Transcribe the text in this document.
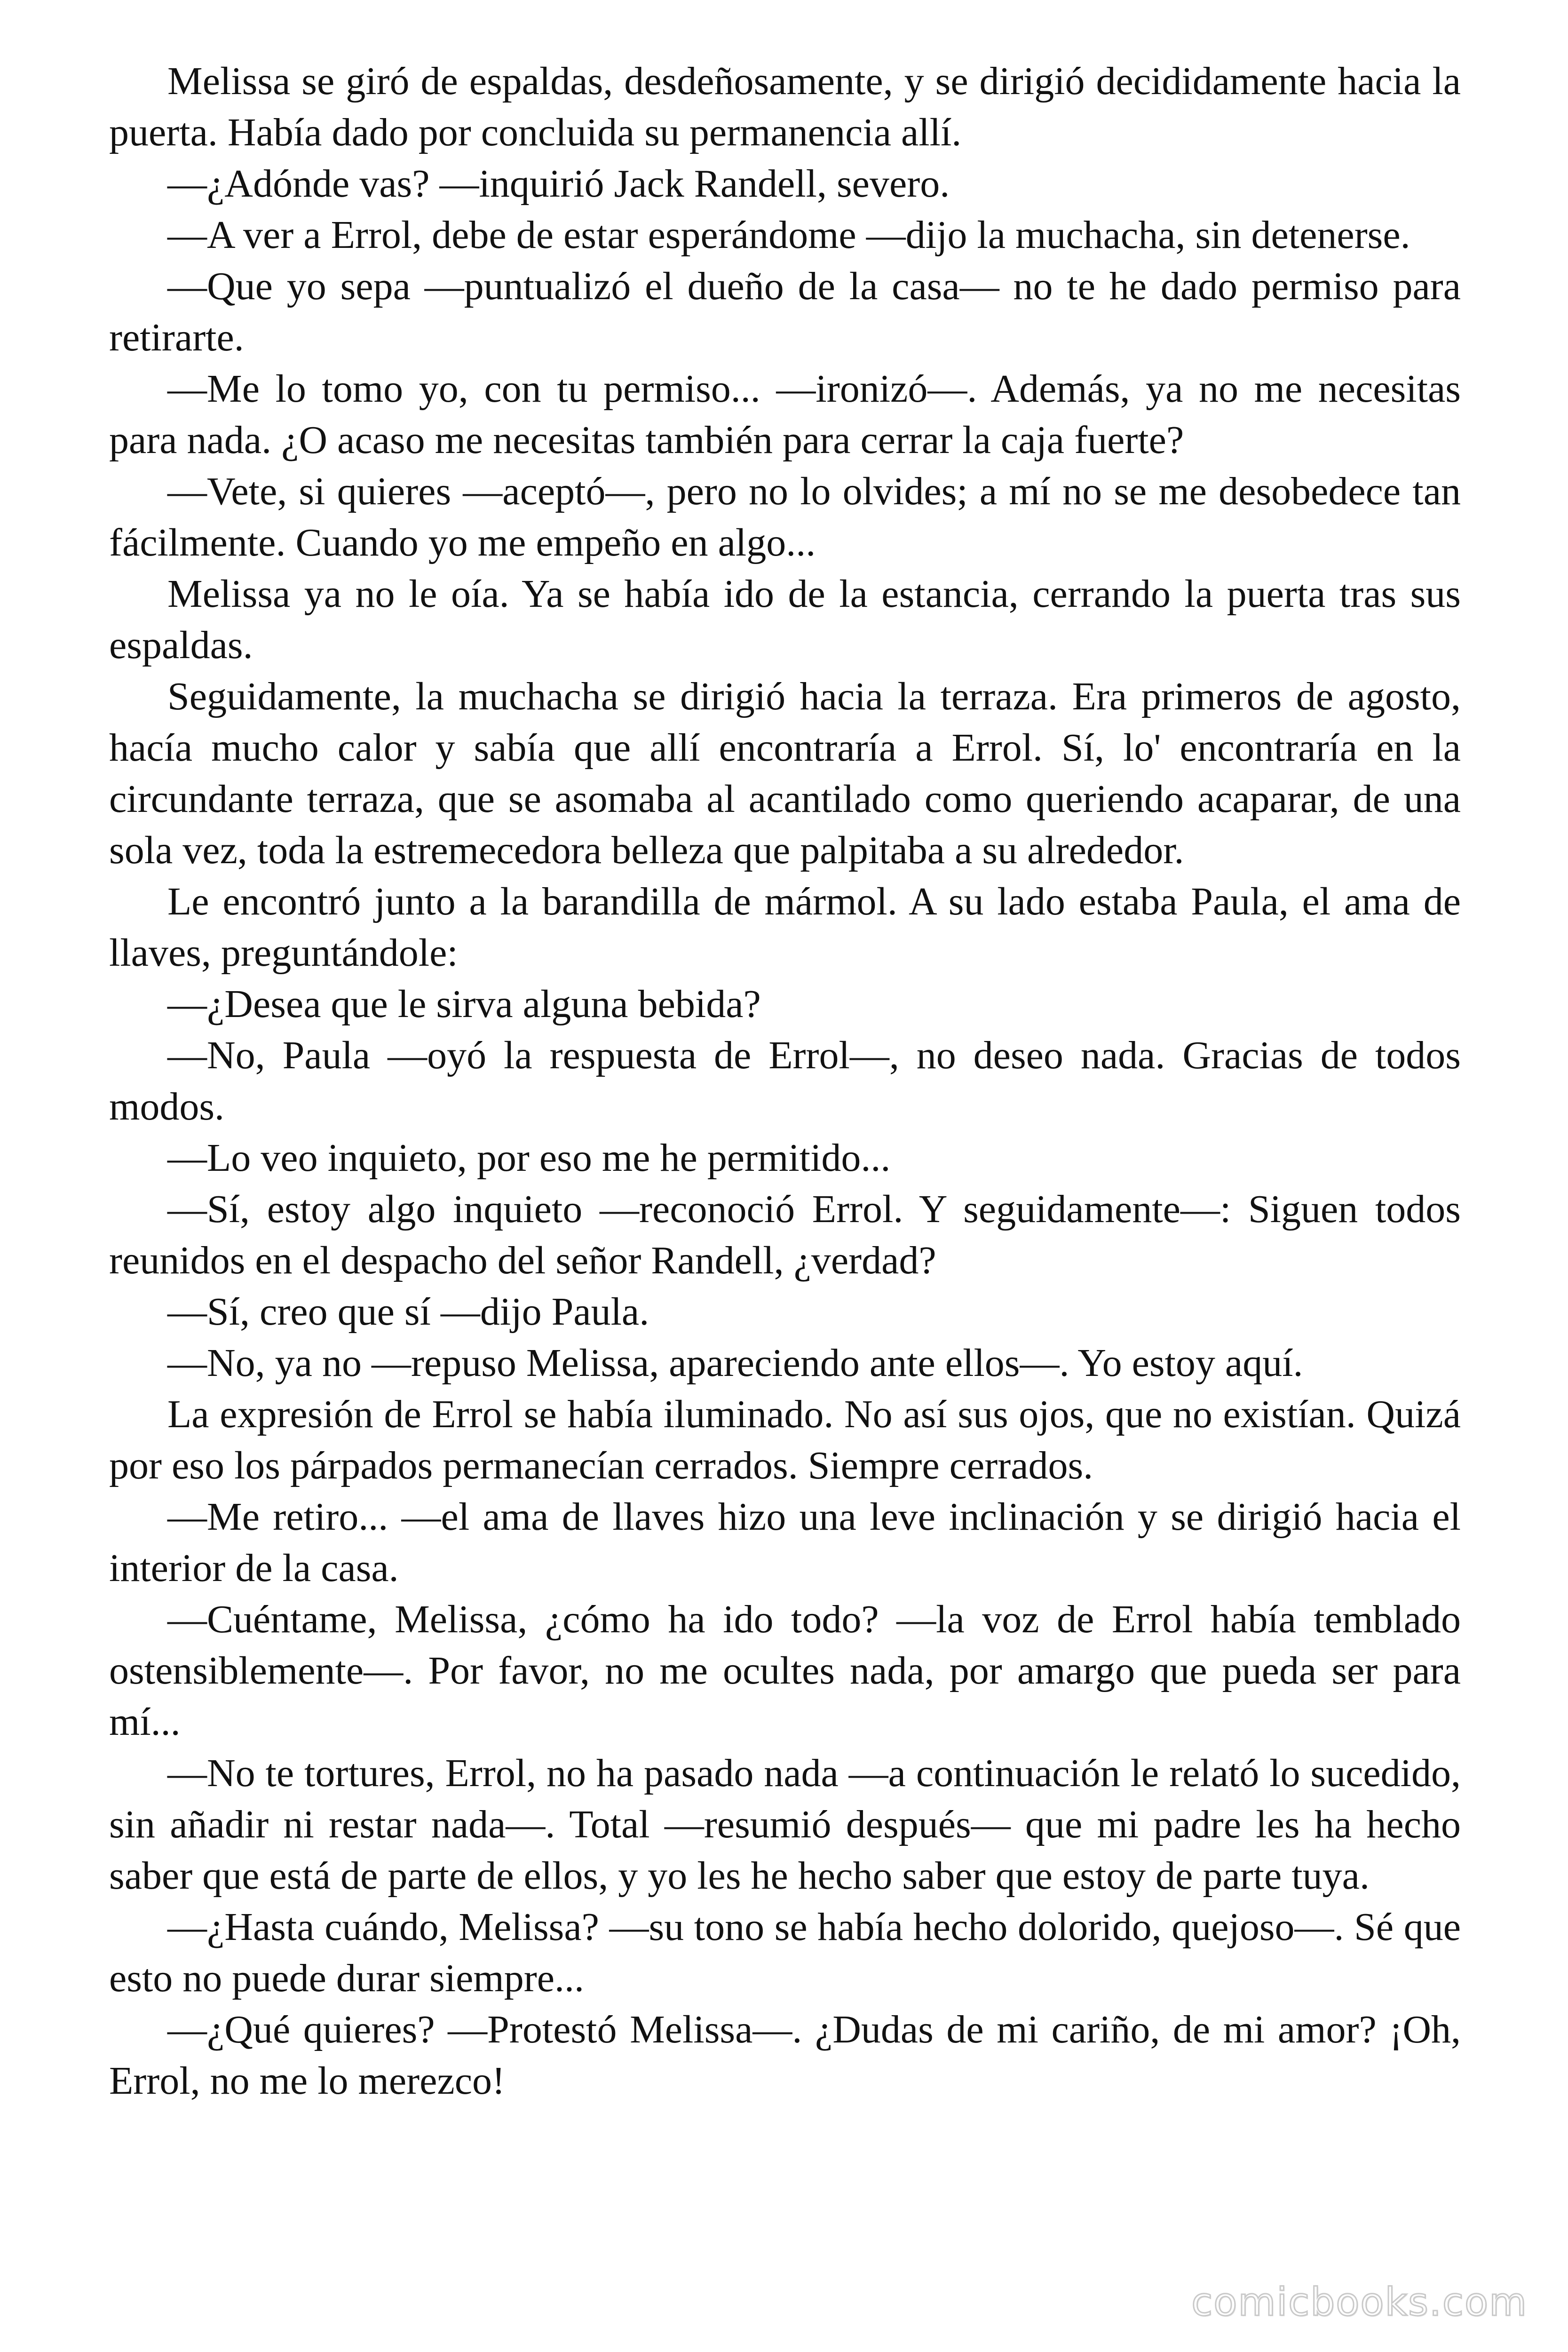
Melissa se giró de espaldas, desdeñosamente, y se dirigió decididamente hacia la puerta. Había dado por concluida su permanencia allí.

—¿Adónde vas? —inquirió Jack Randell, severo.

—A ver a Errol, debe de estar esperándome —dijo la muchacha, sin detenerse.

—Que yo sepa —puntualizó el dueño de la casa— no te he dado permiso para retirarte.

—Me lo tomo yo, con tu permiso... —ironizó—. Además, ya no me necesitas para nada. ¿O acaso me necesitas también para cerrar la caja fuerte?

—Vete, si quieres —aceptó—, pero no lo olvides; a mí no se me desobedece tan fácilmente. Cuando yo me empeño en algo...

Melissa ya no le oía. Ya se había ido de la estancia, cerrando la puerta tras sus espaldas.

Seguidamente, la muchacha se dirigió hacia la terraza. Era primeros de agosto, hacía mucho calor y sabía que allí encontraría a Errol. Sí, lo' encontraría en la circundante terraza, que se asomaba al acantilado como queriendo acaparar, de una sola vez, toda la estremecedora belleza que palpitaba a su alrededor.

Le encontró junto a la barandilla de mármol. A su lado estaba Paula, el ama de llaves, preguntándole:

—¿Desea que le sirva alguna bebida?

—No, Paula —oyó la respuesta de Errol—, no deseo nada. Gracias de todos modos.

—Lo veo inquieto, por eso me he permitido...

—Sí, estoy algo inquieto —reconoció Errol. Y seguidamente—: Siguen todos reunidos en el despacho del señor Randell, ¿verdad?

—Sí, creo que sí —dijo Paula.

—No, ya no —repuso Melissa, apareciendo ante ellos—. Yo estoy aquí.

La expresión de Errol se había iluminado. No así sus ojos, que no existían. Quizá por eso los párpados permanecían cerrados. Siempre cerrados.

—Me retiro... —el ama de llaves hizo una leve inclinación y se dirigió hacia el interior de la casa.

—Cuéntame, Melissa, ¿cómo ha ido todo? —la voz de Errol había temblado ostensiblemente—. Por favor, no me ocultes nada, por amargo que pueda ser para mí...

—No te tortures, Errol, no ha pasado nada —a continuación le relató lo sucedido, sin añadir ni restar nada—. Total —resumió después— que mi padre les ha hecho saber que está de parte de ellos, y yo les he hecho saber que estoy de parte tuya.

—¿Hasta cuándo, Melissa? —su tono se había hecho dolorido, quejoso—. Sé que esto no puede durar siempre...

—¿Qué quieres? —Protestó Melissa—. ¿Dudas de mi cariño, de mi amor? ¡Oh, Errol, no me lo merezco!

comicbooks.com
